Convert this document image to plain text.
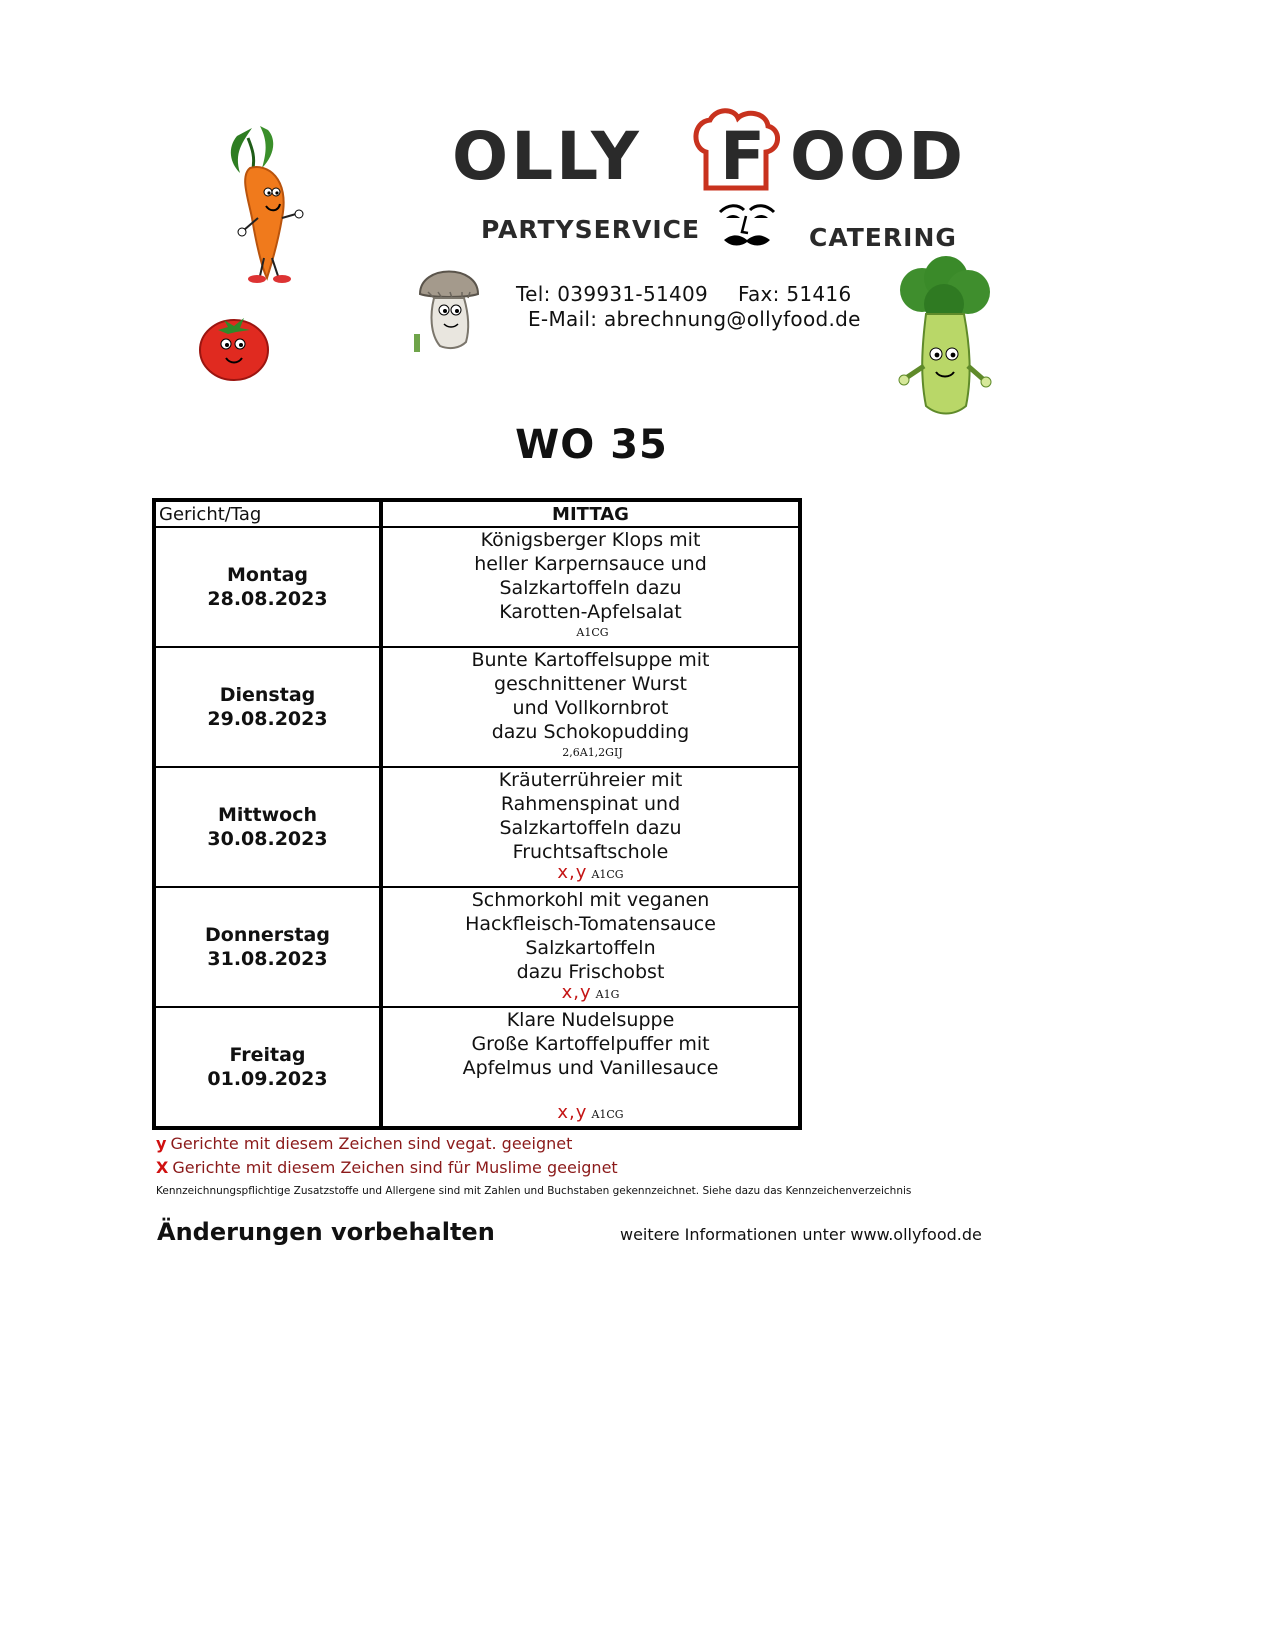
OLLY F OOD
PARTYSERVICE	CATERING
Tel: 039931-51409 Fax: 51416
E-Mail: abrechnung@ollyfood.de
WO 35
Gericht/Tag	MITTAG

Montag
28.08.2023	Königsberger Klops mit
heller Karpernsauce und
Salzkartoffeln dazu
Karotten-Apfelsalat
A1CG

Dienstag
29.08.2023	Bunte Kartoffelsuppe mit
geschnittener Wurst
und Vollkornbrot
dazu Schokopudding
2,6A1,2GIJ

Mittwoch
30.08.2023	Kräuterrühreier mit
Rahmenspinat und
Salzkartoffeln dazu
Fruchtsaftschole
x,y A1CG

Donnerstag
31.08.2023	Schmorkohl mit veganen
Hackfleisch-Tomatensauce
Salzkartoffeln
dazu Frischobst
x,y A1G

Freitag
01.09.2023	Klare Nudelsuppe
Große Kartoffelpuffer mit
Apfelmus und Vanillesauce
x,y A1CG
y Gerichte mit diesem Zeichen sind vegat. geeignet
X Gerichte mit diesem Zeichen sind für Muslime geeignet
Kennzeichnungspflichtige Zusatzstoffe und Allergene sind mit Zahlen und Buchstaben gekennzeichnet. Siehe dazu das Kennzeichenverzeichnis
Änderungen vorbehalten	weitere Informationen unter www.ollyfood.de
